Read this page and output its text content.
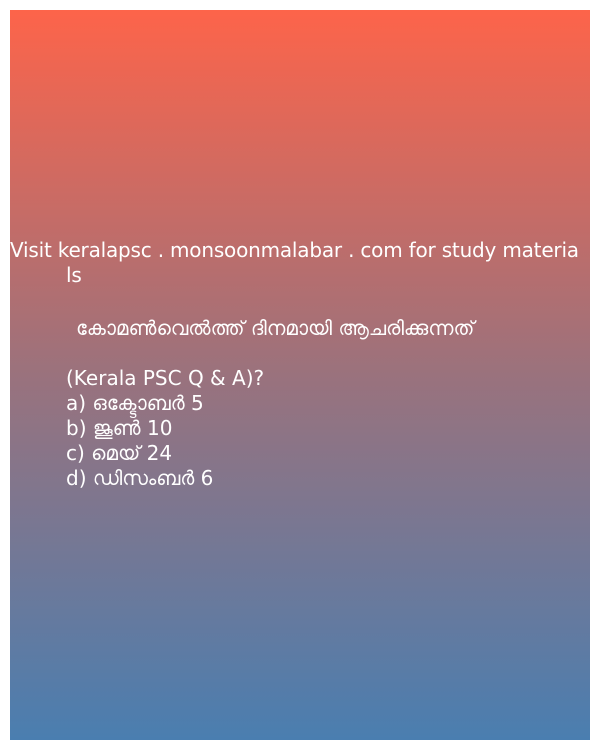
Visit keralapsc . monsoonmalabar . com for study materia
ls
കോമൺവെൽത്ത് ദിനമായി ആചരിക്കുന്നത്
(Kerala PSC Q & A)?
a) ഒക്ടോബർ 5
b) ജൂൺ 10
c) മെയ് 24
d) ഡിസംബർ 6
